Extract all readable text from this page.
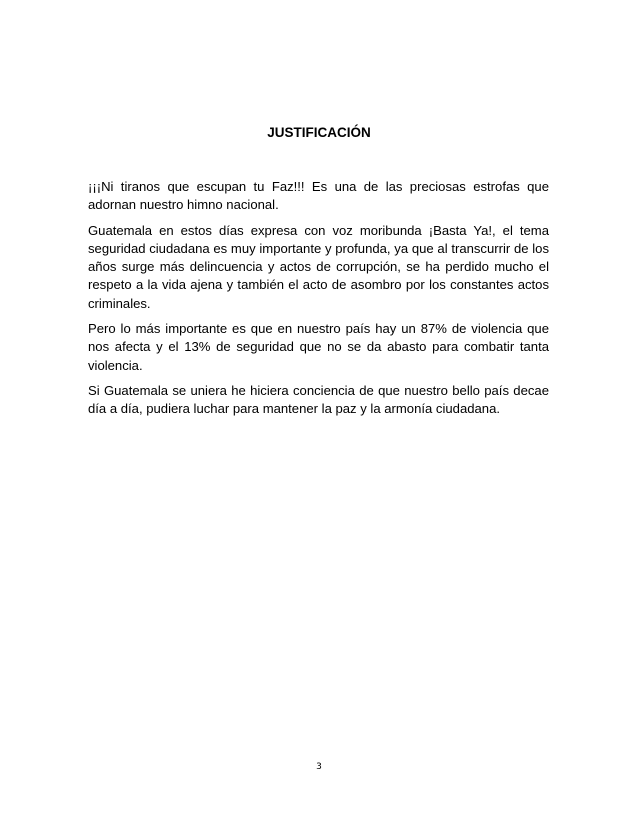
JUSTIFICACIÓN

¡¡¡Ni tiranos que escupan tu Faz!!! Es una de las preciosas estrofas que adornan nuestro himno nacional.

Guatemala en estos días expresa con voz moribunda ¡Basta Ya!, el tema seguridad ciudadana es muy importante y profunda, ya que al transcurrir de los años surge más delincuencia y actos de corrupción, se ha perdido mucho el respeto a la vida ajena y también el acto de asombro por los constantes actos criminales.

Pero lo más importante es que en nuestro país hay un 87% de violencia que nos afecta y el 13% de seguridad que no se da abasto para combatir tanta violencia.

Si Guatemala se uniera he hiciera conciencia de que nuestro bello país decae día a día, pudiera luchar para mantener la paz y la armonía ciudadana.

3
